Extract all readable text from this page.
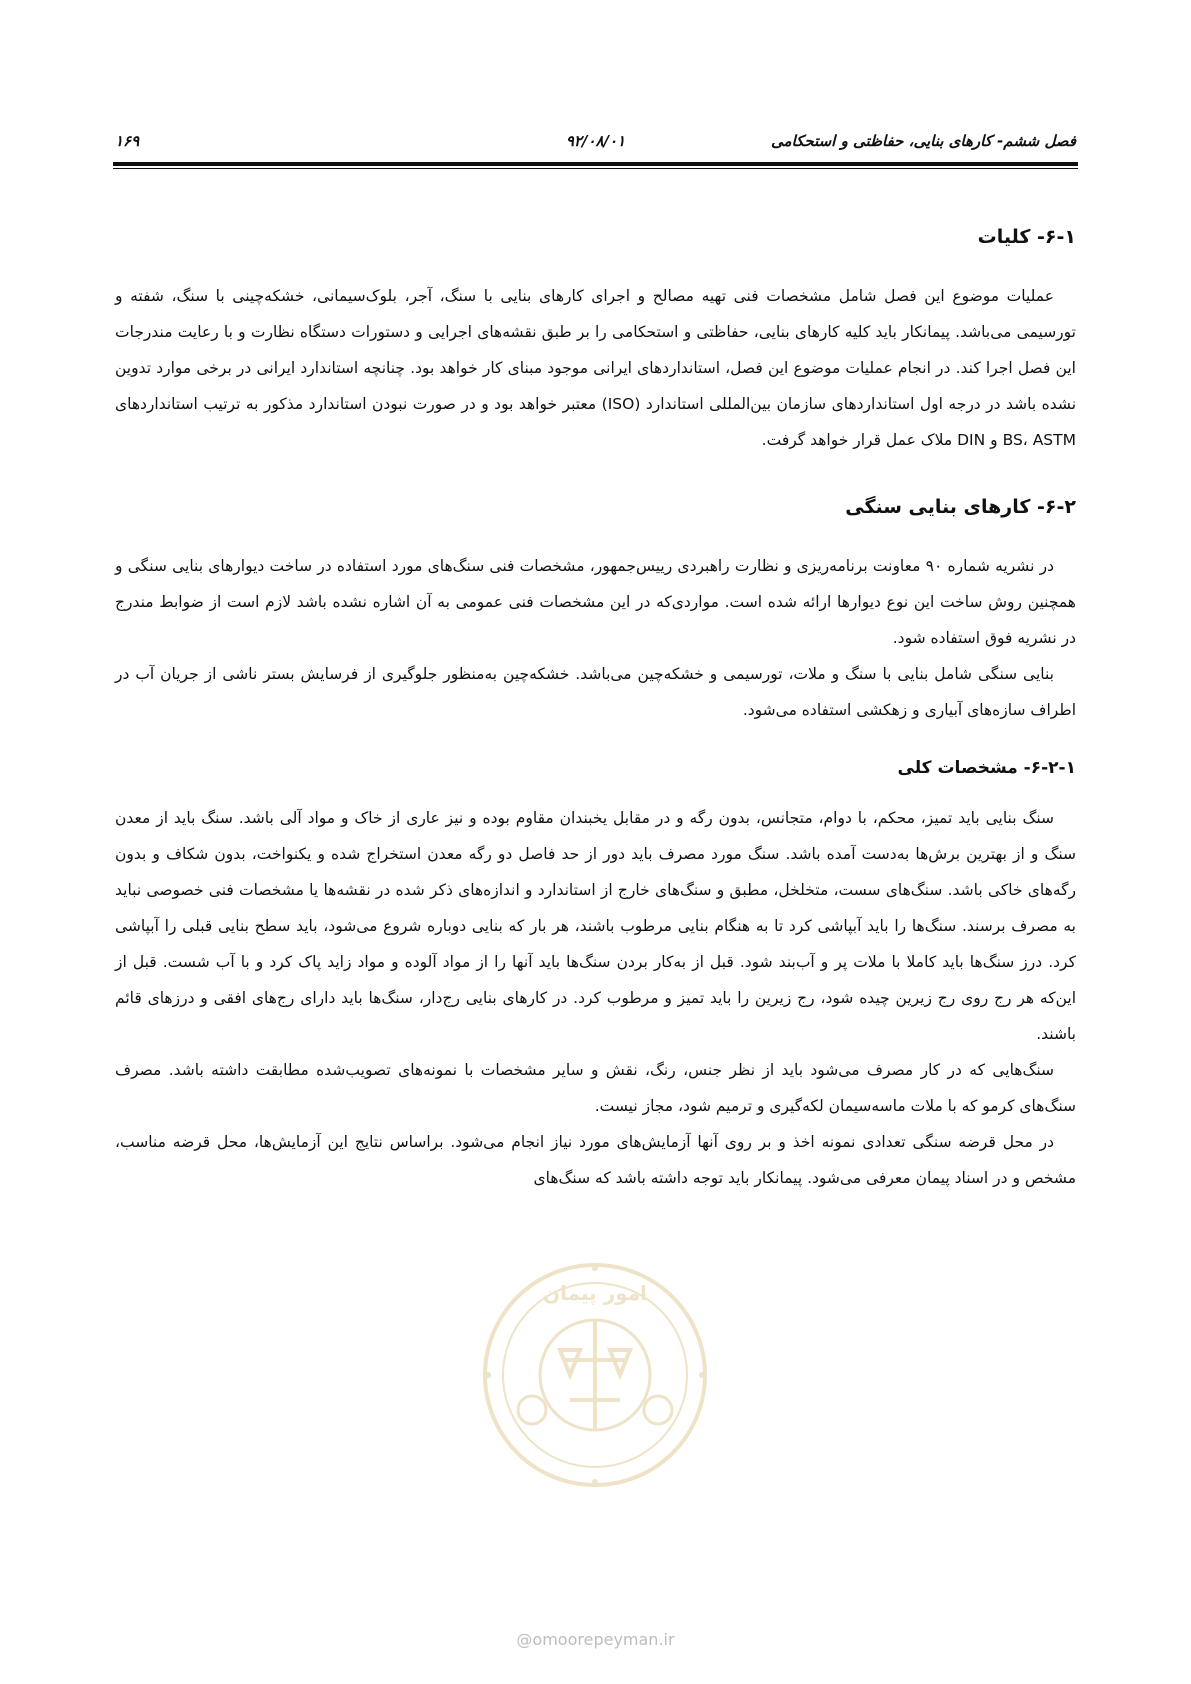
فصل ششم- کارهای بنایی، حفاظتی و استحکامی
۹۲/۰۸/۰۱
۱۶۹
۶-۱- کلیات

عملیات موضوع این فصل شامل مشخصات فنی تهیه مصالح و اجرای کارهای بنایی با سنگ، آجر، بلوک‌سیمانی، خشکه‌چینی با سنگ، شفته و تورسیمی می‌باشد. پیمانکار باید کلیه کارهای بنایی، حفاظتی و استحکامی را بر طبق نقشه‌های اجرایی و دستورات دستگاه نظارت و با رعایت مندرجات این فصل اجرا کند. در انجام عملیات موضوع این فصل، استانداردهای ایرانی موجود مبنای کار خواهد بود. چنانچه استاندارد ایرانی در برخی موارد تدوین نشده باشد در درجه اول استانداردهای سازمان بین‌المللی استاندارد (ISO) معتبر خواهد بود و در صورت نبودن استاندارد مذکور به ترتیب استانداردهای BS، ASTM و DIN ملاک عمل قرار خواهد گرفت.

۶-۲- کارهای بنایی سنگی

در نشریه شماره ۹۰ معاونت برنامه‌ریزی و نظارت راهبردی رییس‌جمهور، مشخصات فنی سنگ‌های مورد استفاده در ساخت دیوارهای بنایی سنگی و همچنین روش ساخت این نوع دیوارها ارائه شده است. مواردی‌که در این مشخصات فنی عمومی به آن اشاره نشده باشد لازم است از ضوابط مندرج در نشریه فوق استفاده شود.

بنایی سنگی شامل بنایی با سنگ و ملات، تورسیمی و خشکه‌چین می‌باشد. خشکه‌چین به‌منظور جلوگیری از فرسایش بستر ناشی از جریان آب در اطراف سازه‌های آبیاری و زهکشی استفاده می‌شود.

۶-۲-۱- مشخصات کلی

سنگ بنایی باید تمیز، محکم، با دوام، متجانس، بدون رگه و در مقابل یخبندان مقاوم بوده و نیز عاری از خاک و مواد آلی باشد. سنگ باید از معدن سنگ و از بهترین برش‌ها به‌دست آمده باشد. سنگ مورد مصرف باید دور از حد فاصل دو رگه معدن استخراج شده و یکنواخت، بدون شکاف و بدون رگه‌های خاکی باشد. سنگ‌های سست، متخلخل، مطبق و سنگ‌های خارج از استاندارد و اندازه‌های ذکر شده در نقشه‌ها یا مشخصات فنی خصوصی نباید به مصرف برسند. سنگ‌ها را باید آبپاشی کرد تا به هنگام بنایی مرطوب باشند، هر بار که بنایی دوباره شروع می‌شود، باید سطح بنایی قبلی را آبپاشی کرد. درز سنگ‌ها باید کاملا با ملات پر و آب‌بند شود. قبل از به‌کار بردن سنگ‌ها باید آنها را از مواد آلوده و مواد زاید پاک کرد و با آب شست. قبل از این‌که هر رج روی رج زیرین چیده شود، رج زیرین را باید تمیز و مرطوب کرد. در کارهای بنایی رج‌دار، سنگ‌ها باید دارای رج‌های افقی و درزهای قائم باشند.

سنگ‌هایی که در کار مصرف می‌شود باید از نظر جنس، رنگ، نقش و سایر مشخصات با نمونه‌های تصویب‌شده مطابقت داشته باشد. مصرف سنگ‌های کرمو که با ملات ماسه‌سیمان لکه‌گیری و ترمیم شود، مجاز نیست.

در محل قرضه سنگی تعدادی نمونه اخذ و بر روی آنها آزمایش‌های مورد نیاز انجام می‌شود. براساس نتایج این آزمایش‌ها، محل قرضه مناسب، مشخص و در اسناد پیمان معرفی می‌شود. پیمانکار باید توجه داشته باشد که سنگ‌های

امور پیمان
@omoorepeyman.ir
